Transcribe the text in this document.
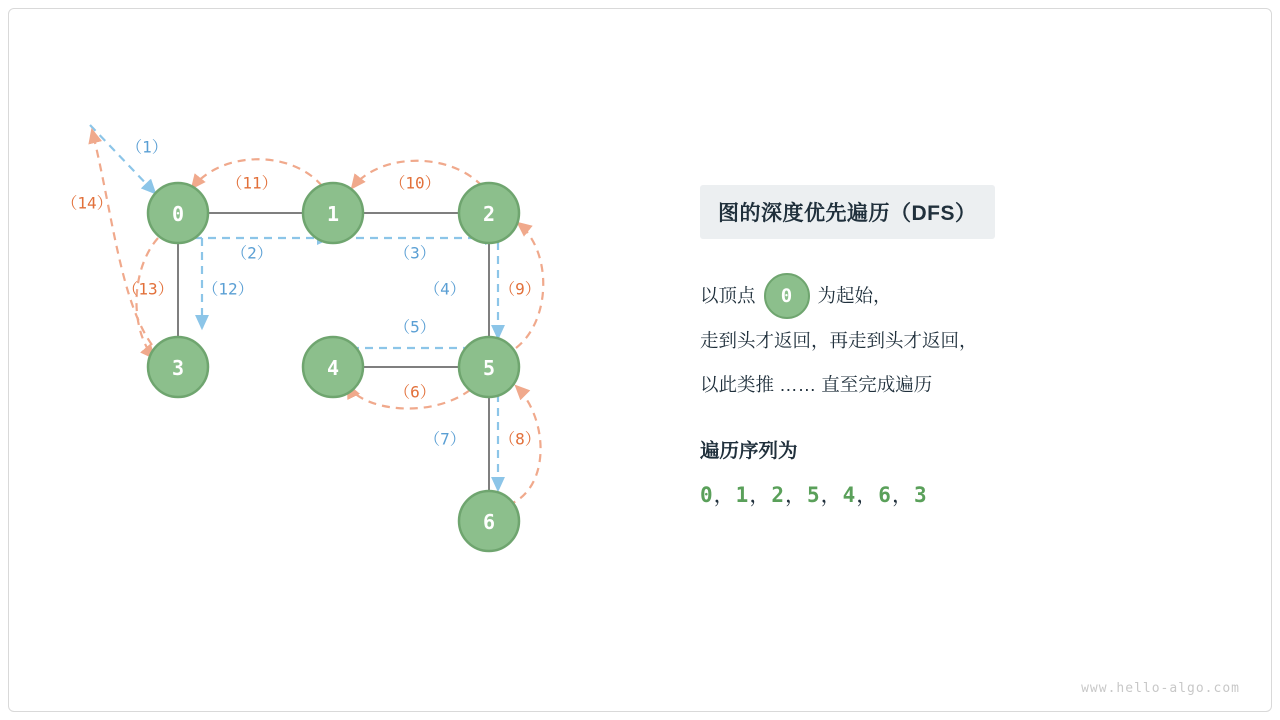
0	1	2
3	4	5
6
（1）
（2）	（3）
（4）
（5）
（6）
（7） （8）
（9）
（10）
（11）
（12）
（13）
（14）	图的深度优先遍历（DFS）
以顶点	0	为起始，
走到头才返回，再走到头才返回，
以此类推 …… 直至完成遍历
遍历序列为
0，1，2，5，4，6，3
www.hello-algo.com
